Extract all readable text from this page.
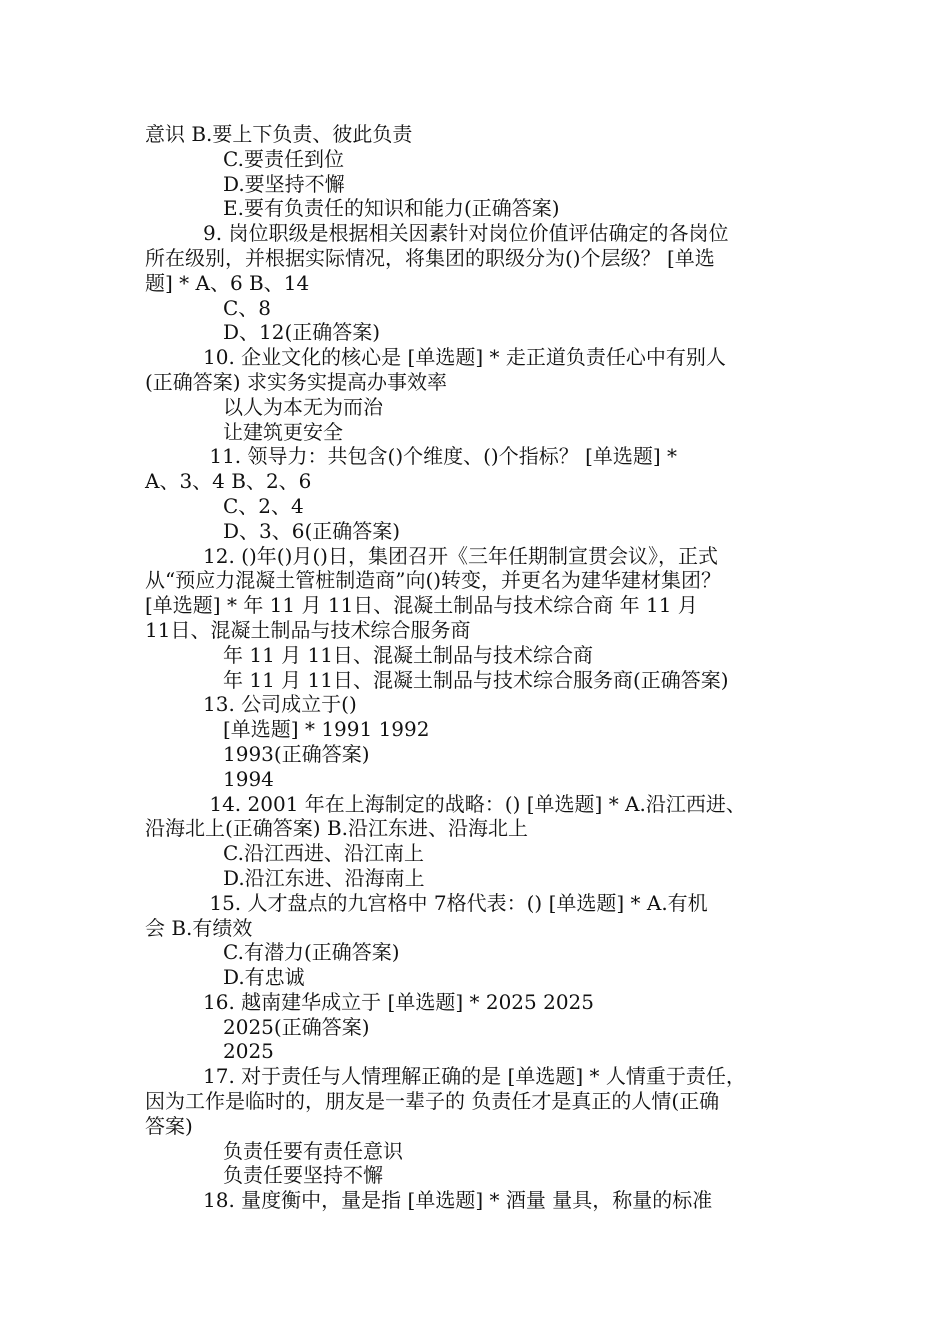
意识 B.要上下负责、彼此负责
C.要责任到位
D.要坚持不懈
E.要有负责任的知识和能力(正确答案)
9. 岗位职级是根据相关因素针对岗位价值评估确定的各岗位
所在级别，并根据实际情况，将集团的职级分为()个层级？ [单选
题] * A、6 B、14
C、8
D、12(正确答案)
10. 企业文化的核心是 [单选题] * 走正道负责任心中有别人
(正确答案) 求实务实提高办事效率
以人为本无为而治
让建筑更安全
11. 领导力：共包含()个维度、()个指标？ [单选题] *
A、3、4 B、2、6
C、2、4
D、3、6(正确答案)
12. ()年()月()日，集团召开《三年任期制宣贯会议》，正式
从“预应力混凝土管桩制造商”向()转变，并更名为建华建材集团？
[单选题] * 年 11 月 11日、混凝土制品与技术综合商 年 11 月
11日、混凝土制品与技术综合服务商
年 11 月 11日、混凝土制品与技术综合商
年 11 月 11日、混凝土制品与技术综合服务商(正确答案)
13. 公司成立于()
[单选题] * 1991 1992
1993(正确答案)
1994
14. 2001 年在上海制定的战略：() [单选题] * A.沿江西进、
沿海北上(正确答案) B.沿江东进、沿海北上
C.沿江西进、沿江南上
D.沿江东进、沿海南上
15. 人才盘点的九宫格中 7格代表：() [单选题] * A.有机
会 B.有绩效
C.有潜力(正确答案)
D.有忠诚
16. 越南建华成立于 [单选题] * 2025 2025
2025(正确答案)
2025
17. 对于责任与人情理解正确的是 [单选题] * 人情重于责任，
因为工作是临时的，朋友是一辈子的 负责任才是真正的人情(正确
答案)
负责任要有责任意识
负责任要坚持不懈
18. 量度衡中，量是指 [单选题] * 酒量 量具，称量的标准
